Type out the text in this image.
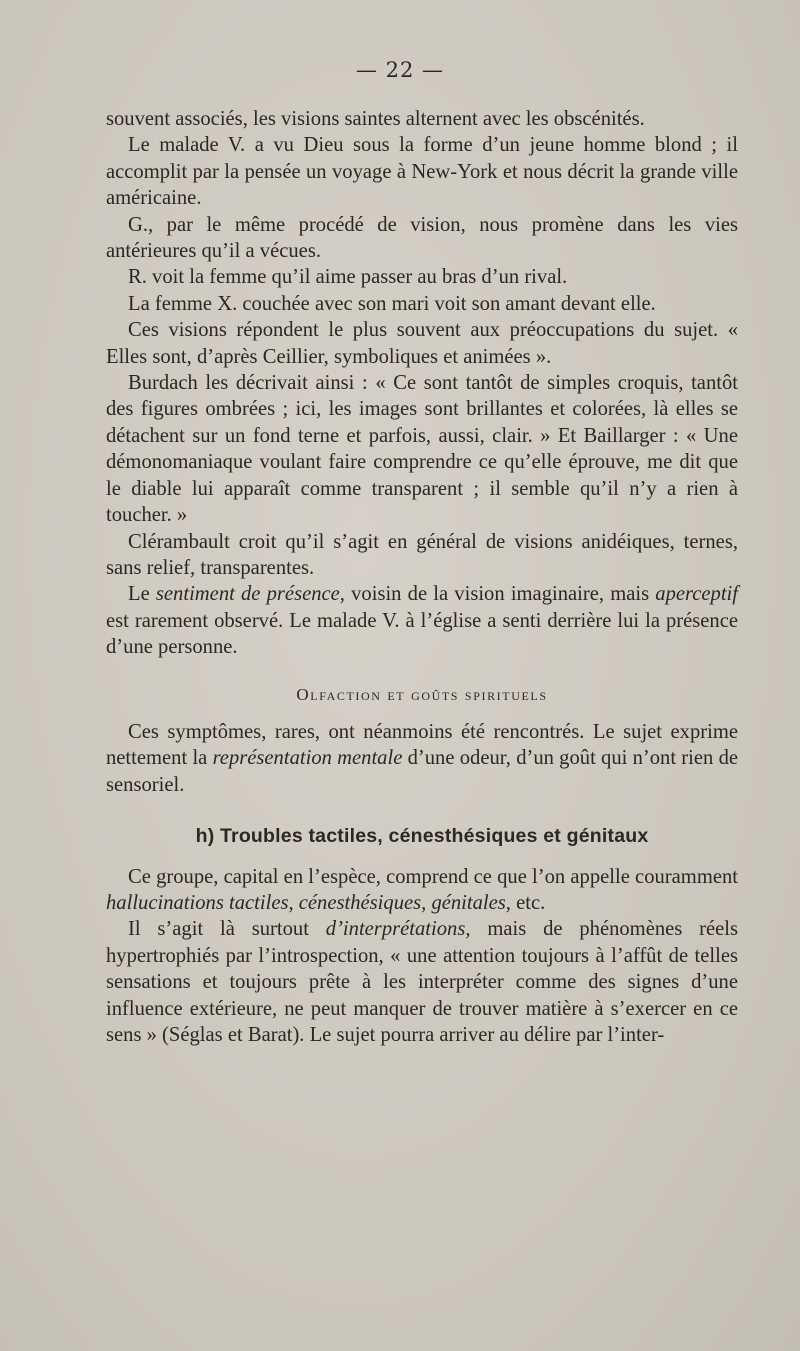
— 22 —

souvent associés, les visions saintes alternent avec les obscénités.

Le malade V. a vu Dieu sous la forme d’un jeune homme blond ; il accomplit par la pensée un voyage à New-York et nous décrit la grande ville américaine.

G., par le même procédé de vision, nous promène dans les vies antérieures qu’il a vécues.

R. voit la femme qu’il aime passer au bras d’un rival.

La femme X. couchée avec son mari voit son amant devant elle.

Ces visions répondent le plus souvent aux préoccupations du sujet. « Elles sont, d’après Ceillier, symboliques et animées ».

Burdach les décrivait ainsi : « Ce sont tantôt de simples croquis, tantôt des figures ombrées ; ici, les images sont brillantes et colorées, là elles se détachent sur un fond terne et parfois, aussi, clair. » Et Baillarger : « Une démonomaniaque voulant faire comprendre ce qu’elle éprouve, me dit que le diable lui apparaît comme transparent ; il semble qu’il n’y a rien à toucher. »

Clérambault croit qu’il s’agit en général de visions anidéiques, ternes, sans relief, transparentes.

Le sentiment de présence, voisin de la vision imaginaire, mais aperceptif est rarement observé. Le malade V. à l’église a senti derrière lui la présence d’une personne.

Olfaction et goûts spirituels

Ces symptômes, rares, ont néanmoins été rencontrés. Le sujet exprime nettement la représentation mentale d’une odeur, d’un goût qui n’ont rien de sensoriel.

h) Troubles tactiles, cénesthésiques et génitaux

Ce groupe, capital en l’espèce, comprend ce que l’on appelle couramment hallucinations tactiles, cénesthésiques, génitales, etc.

Il s’agit là surtout d’interprétations, mais de phénomènes réels hypertrophiés par l’introspection, « une attention toujours à l’affût de telles sensations et toujours prête à les interpréter comme des signes d’une influence extérieure, ne peut manquer de trouver matière à s’exercer en ce sens » (Séglas et Barat). Le sujet pourra arriver au délire par l’inter-
